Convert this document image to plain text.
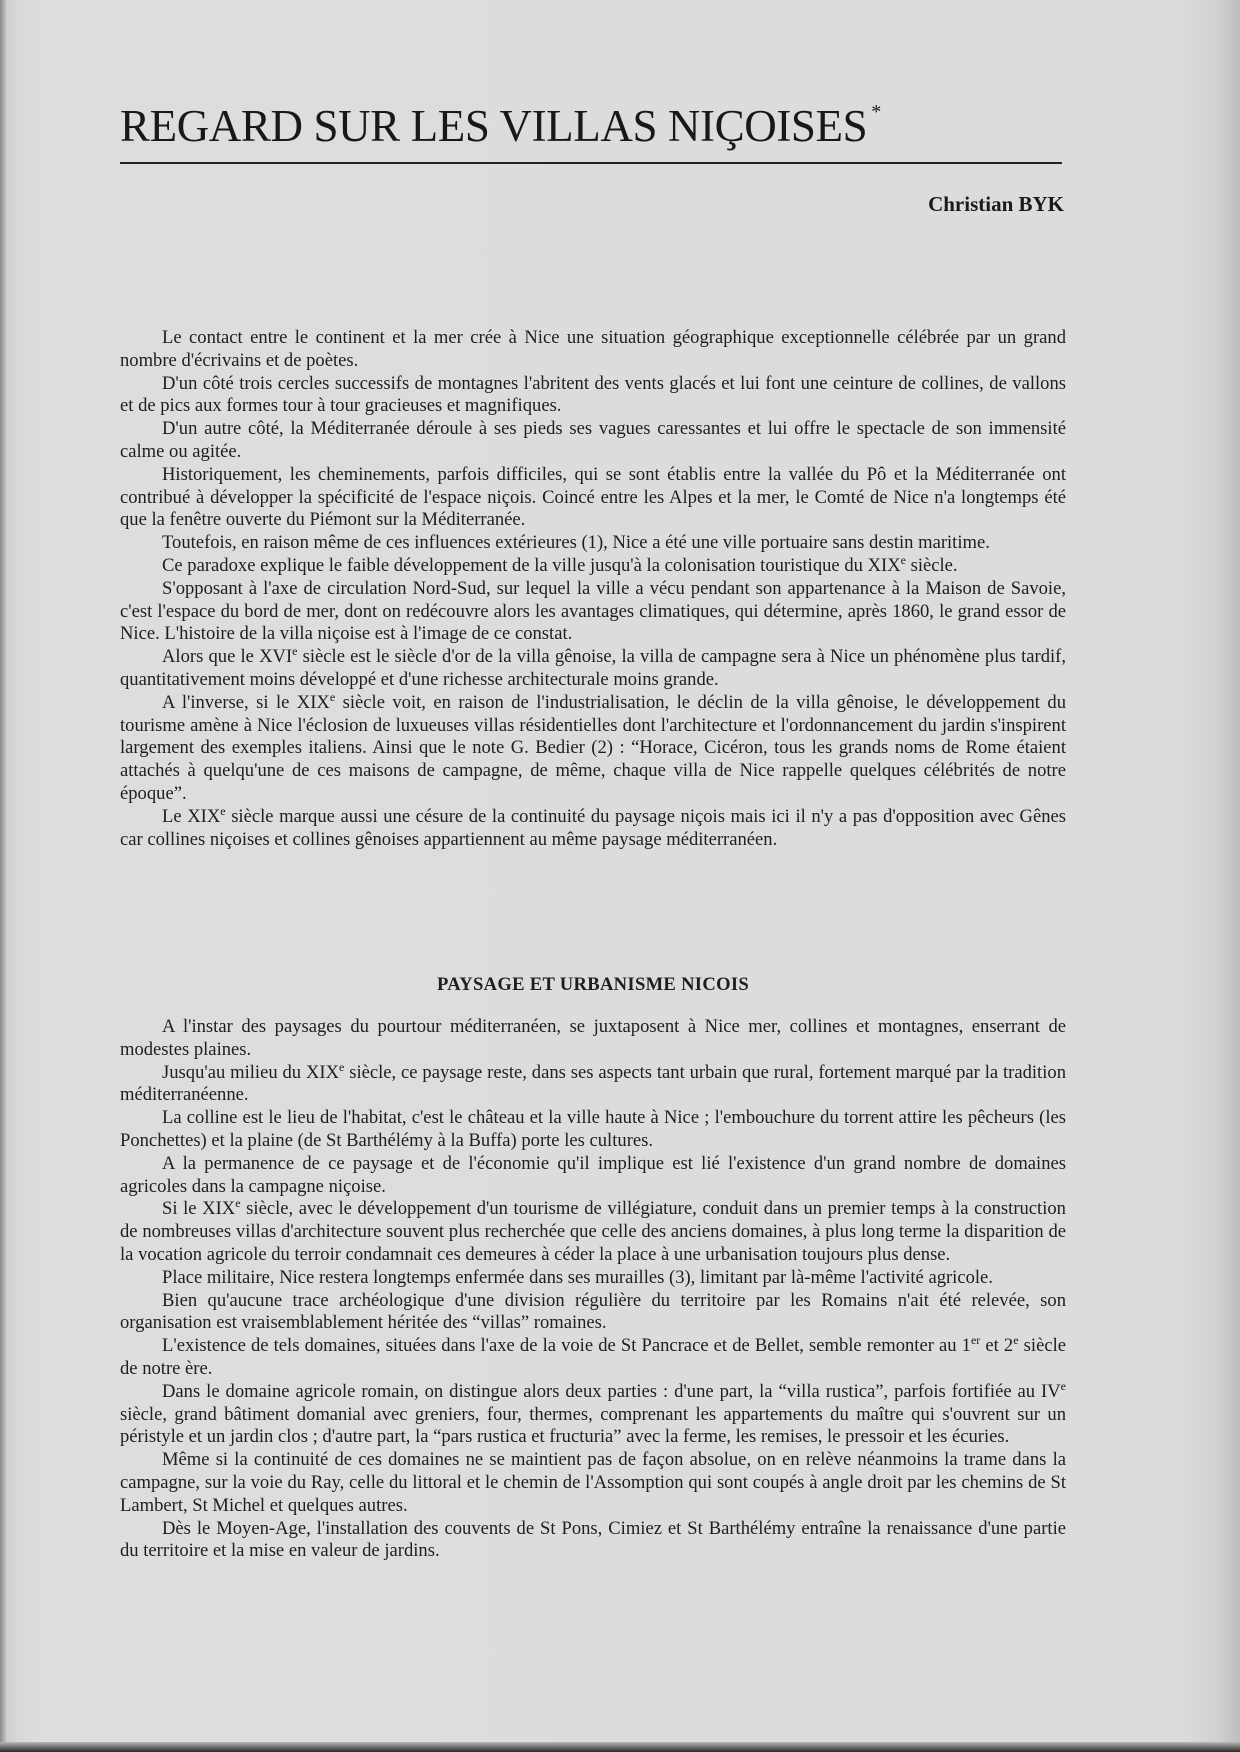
REGARD SUR LES VILLAS NIÇOISES *
Christian BYK

Le contact entre le continent et la mer crée à Nice une situation géographique exceptionnelle célébrée par un grand nombre d'écrivains et de poètes.

D'un côté trois cercles successifs de montagnes l'abritent des vents glacés et lui font une ceinture de collines, de vallons et de pics aux formes tour à tour gracieuses et magnifiques.

D'un autre côté, la Méditerranée déroule à ses pieds ses vagues caressantes et lui offre le spectacle de son immensité calme ou agitée.

Historiquement, les cheminements, parfois difficiles, qui se sont établis entre la vallée du Pô et la Méditerranée ont contribué à développer la spécificité de l'espace niçois. Coincé entre les Alpes et la mer, le Comté de Nice n'a longtemps été que la fenêtre ouverte du Piémont sur la Méditerranée.

Toutefois, en raison même de ces influences extérieures (1), Nice a été une ville portuaire sans destin maritime.

Ce paradoxe explique le faible développement de la ville jusqu'à la colonisation touristique du XIXe siècle.

S'opposant à l'axe de circulation Nord-Sud, sur lequel la ville a vécu pendant son appartenance à la Maison de Savoie, c'est l'espace du bord de mer, dont on redécouvre alors les avantages climatiques, qui détermine, après 1860, le grand essor de Nice. L'histoire de la villa niçoise est à l'image de ce constat.

Alors que le XVIe siècle est le siècle d'or de la villa gênoise, la villa de campagne sera à Nice un phénomène plus tardif, quantitativement moins développé et d'une richesse architecturale moins grande.

A l'inverse, si le XIXe siècle voit, en raison de l'industrialisation, le déclin de la villa gênoise, le développement du tourisme amène à Nice l'éclosion de luxueuses villas résidentielles dont l'architecture et l'ordonnancement du jardin s'inspirent largement des exemples italiens. Ainsi que le note G. Bedier (2) : “Horace, Cicéron, tous les grands noms de Rome étaient attachés à quelqu'une de ces maisons de campagne, de même, chaque villa de Nice rappelle quelques célébrités de notre époque”.

Le XIXe siècle marque aussi une césure de la continuité du paysage niçois mais ici il n'y a pas d'opposition avec Gênes car collines niçoises et collines gênoises appartiennent au même paysage méditerranéen.

PAYSAGE ET URBANISME NICOIS

A l'instar des paysages du pourtour méditerranéen, se juxtaposent à Nice mer, collines et montagnes, enserrant de modestes plaines.

Jusqu'au milieu du XIXe siècle, ce paysage reste, dans ses aspects tant urbain que rural, fortement marqué par la tradition méditerranéenne.

La colline est le lieu de l'habitat, c'est le château et la ville haute à Nice ; l'embouchure du torrent attire les pêcheurs (les Ponchettes) et la plaine (de St Barthélémy à la Buffa) porte les cultures.

A la permanence de ce paysage et de l'économie qu'il implique est lié l'existence d'un grand nombre de domaines agricoles dans la campagne niçoise.

Si le XIXe siècle, avec le développement d'un tourisme de villégiature, conduit dans un premier temps à la construction de nombreuses villas d'architecture souvent plus recherchée que celle des anciens domaines, à plus long terme la disparition de la vocation agricole du terroir condamnait ces demeures à céder la place à une urbanisation toujours plus dense.

Place militaire, Nice restera longtemps enfermée dans ses murailles (3), limitant par là-même l'activité agricole.

Bien qu'aucune trace archéologique d'une division régulière du territoire par les Romains n'ait été relevée, son organisation est vraisemblablement héritée des “villas” romaines.

L'existence de tels domaines, situées dans l'axe de la voie de St Pancrace et de Bellet, semble remonter au 1er et 2e siècle de notre ère.

Dans le domaine agricole romain, on distingue alors deux parties : d'une part, la “villa rustica”, parfois fortifiée au IVe siècle, grand bâtiment domanial avec greniers, four, thermes, comprenant les appartements du maître qui s'ouvrent sur un péristyle et un jardin clos ; d'autre part, la “pars rustica et fructuria” avec la ferme, les remises, le pressoir et les écuries.

Même si la continuité de ces domaines ne se maintient pas de façon absolue, on en relève néanmoins la trame dans la campagne, sur la voie du Ray, celle du littoral et le chemin de l'Assomption qui sont coupés à angle droit par les chemins de St Lambert, St Michel et quelques autres.

Dès le Moyen-Age, l'installation des couvents de St Pons, Cimiez et St Barthélémy entraîne la renaissance d'une partie du territoire et la mise en valeur de jardins.
